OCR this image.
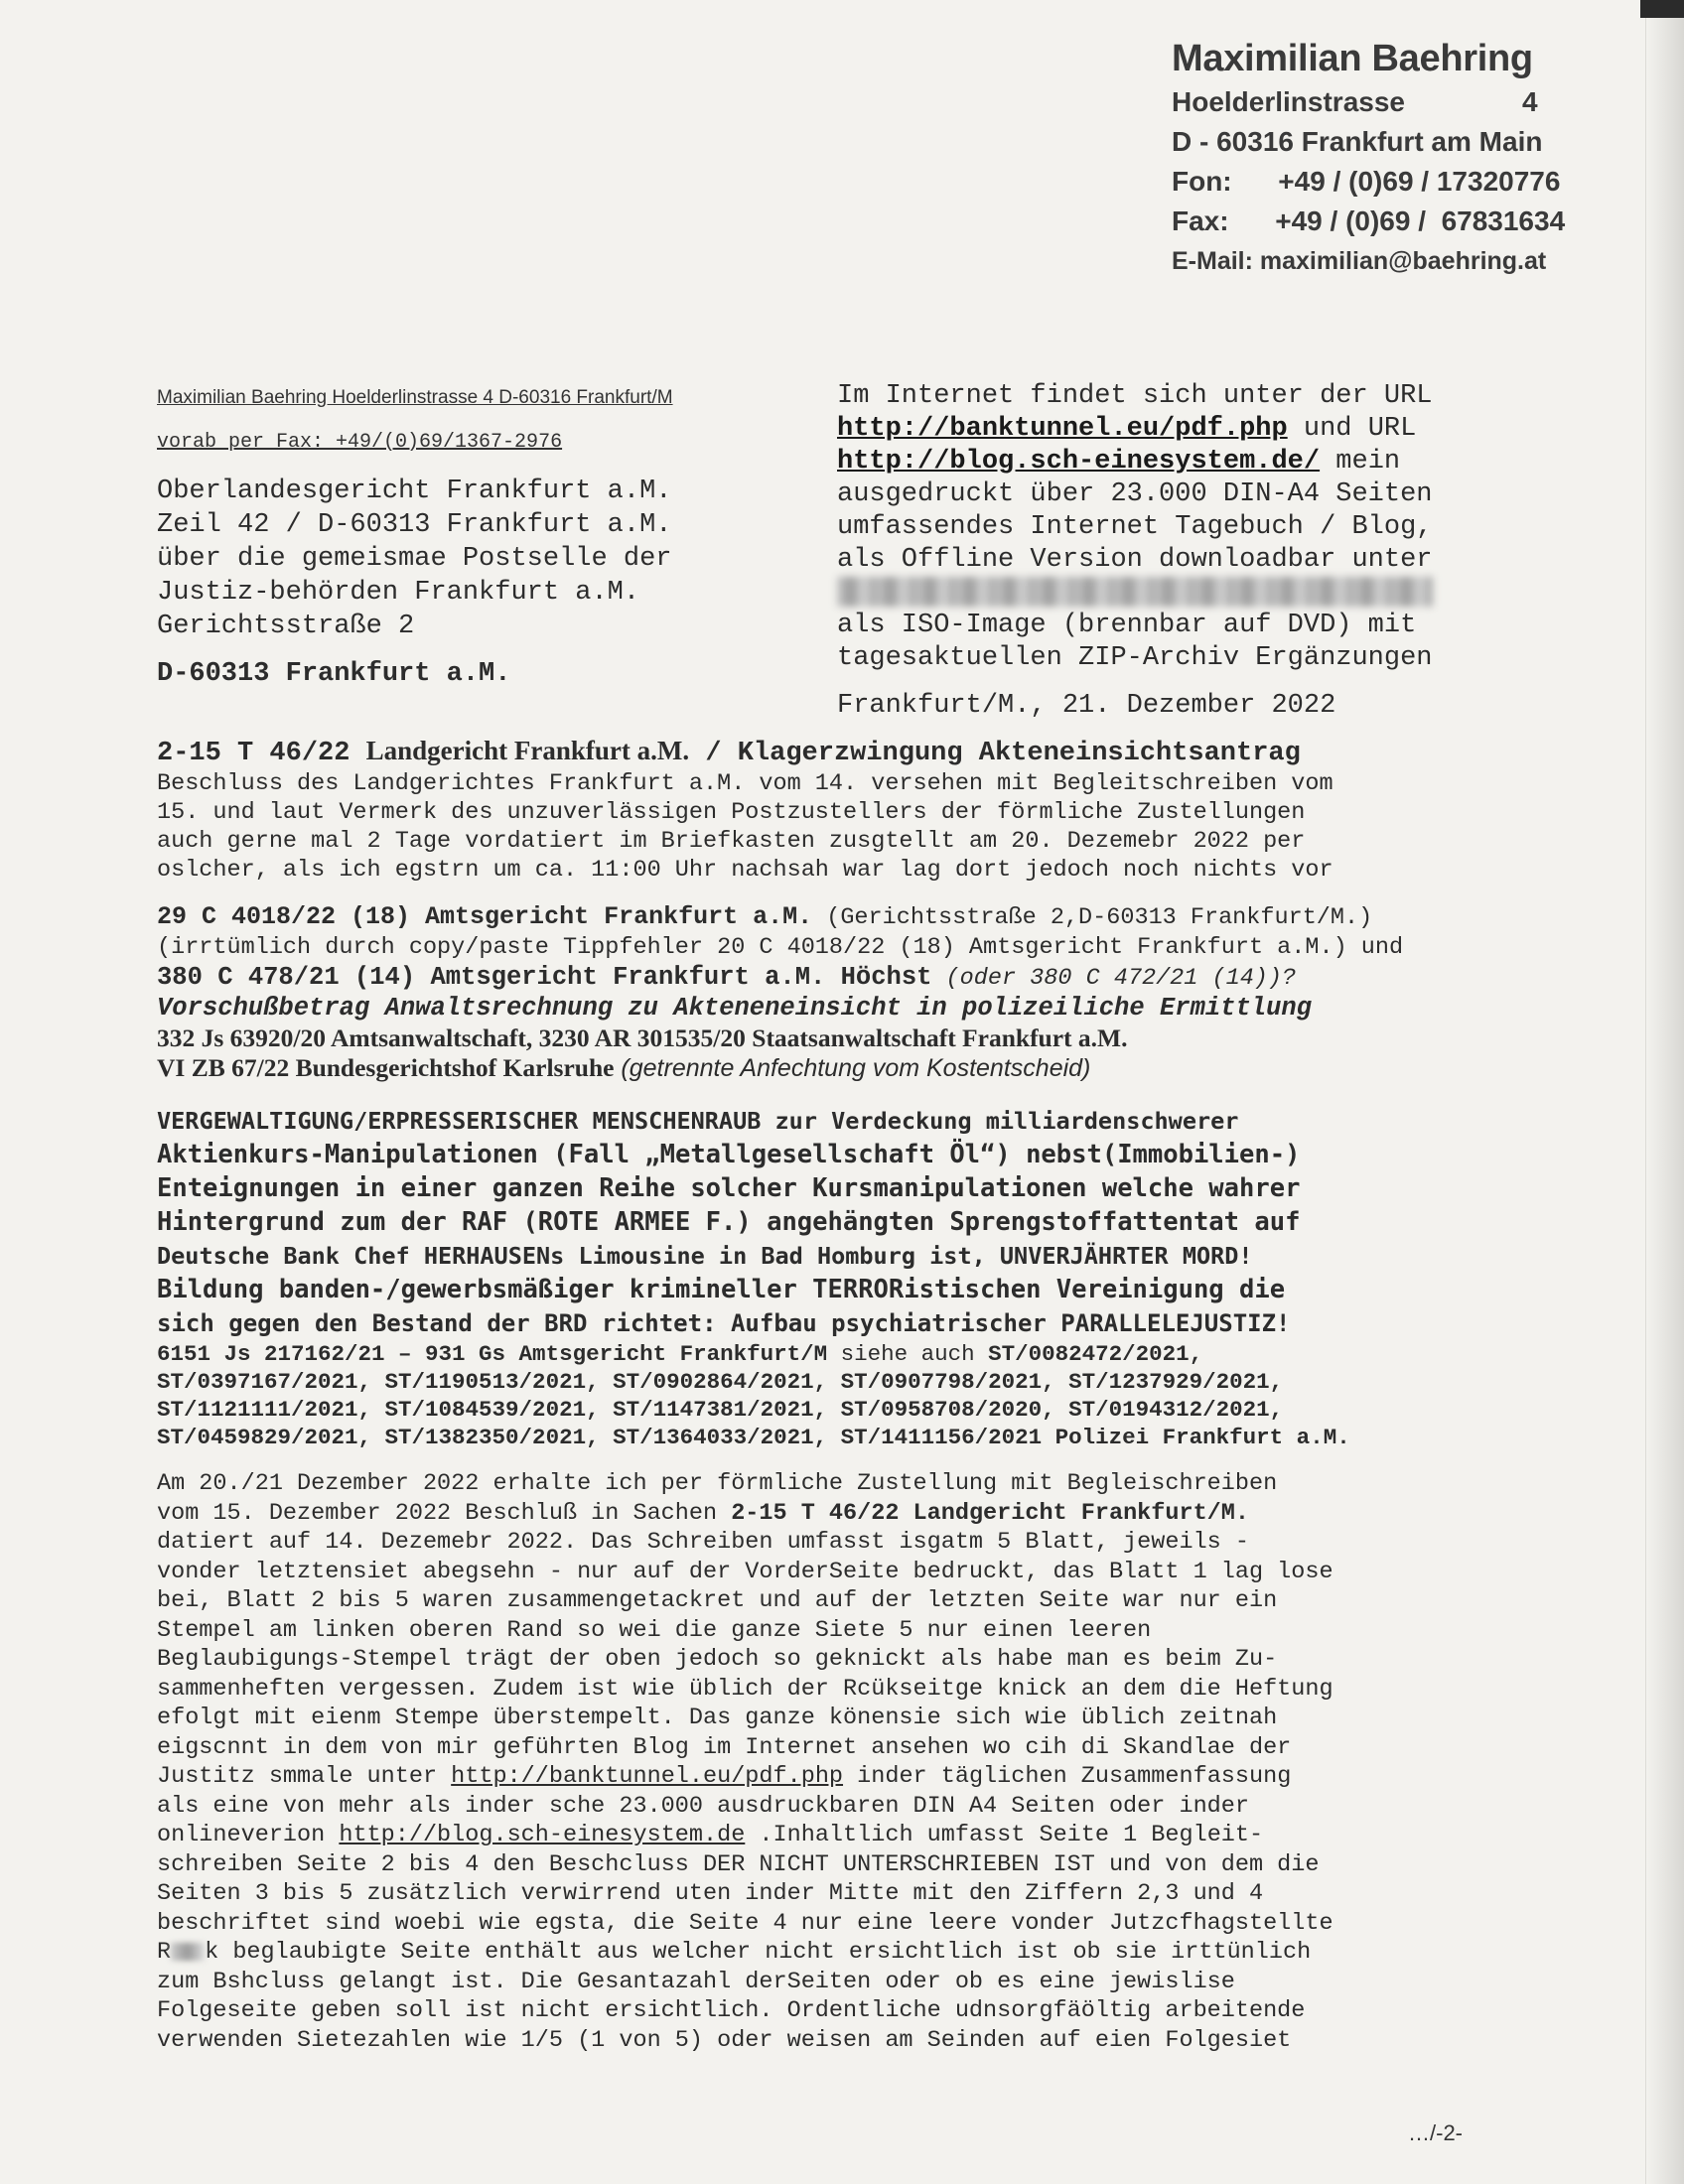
Maximilian Baehring
Hoelderlinstrasse	4
D - 60316 Frankfurt am Main
Fon:      +49 / (0)69 / 17320776
Fax:      +49 / (0)69 /  67831634
E-Mail: maximilian@baehring.at
Maximilian Baehring Hoelderlinstrasse 4 D-60316 Frankfurt/M
vorab per Fax: +49/(0)69/1367-2976
Oberlandesgericht Frankfurt a.M.
Zeil 42 / D-60313 Frankfurt a.M.
über die gemeismae Postselle der
Justiz-behörden Frankfurt a.M.
Gerichtsstraße 2
D-60313 Frankfurt a.M.
Im Internet findet sich unter der URL
http://banktunnel.eu/pdf.php und URL
http://blog.sch-einesystem.de/ mein
ausgedruckt über 23.000 DIN-A4 Seiten
umfassendes Internet Tagebuch / Blog,
als Offline Version downloadbar unter
als ISO-Image (brennbar auf DVD) mit
tagesaktuellen ZIP-Archiv Ergänzungen
Frankfurt/M., 21. Dezember 2022
2-15 T 46/22 Landgericht Frankfurt a.M. / Klagerzwingung Akteneinsichtsantrag
Beschluss des Landgerichtes Frankfurt a.M. vom 14. versehen mit Begleitschreiben vom
15. und laut Vermerk des unzuverlässigen Postzustellers der förmliche Zustellungen
auch gerne mal 2 Tage vordatiert im Briefkasten zusgtellt am 20. Dezemebr 2022 per
oslcher, als ich egstrn um ca. 11:00 Uhr nachsah war lag dort jedoch noch nichts vor
29 C 4018/22 (18) Amtsgericht Frankfurt a.M. (Gerichtsstraße 2,D-60313 Frankfurt/M.)
(irrtümlich durch copy/paste Tippfehler 20 C 4018/22 (18) Amtsgericht Frankfurt a.M.) und
380 C 478/21 (14) Amtsgericht Frankfurt a.M. Höchst (oder 380 C 472/21 (14))?
Vorschußbetrag Anwaltsrechnung zu Akteneneinsicht in polizeiliche Ermittlung
332 Js 63920/20 Amtsanwaltschaft, 3230 AR 301535/20 Staatsanwaltschaft Frankfurt a.M.
VI ZB 67/22 Bundesgerichtshof Karlsruhe (getrennte Anfechtung vom Kostentscheid)
VERGEWALTIGUNG/ERPRESSERISCHER MENSCHENRAUB zur Verdeckung milliardenschwerer
Aktienkurs-Manipulationen (Fall „Metallgesellschaft Öl“) nebst(Immobilien-)
Enteignungen in einer ganzen Reihe solcher Kursmanipulationen welche wahrer
Hintergrund zum der RAF (ROTE ARMEE F.) angehängten Sprengstoffattentat auf
Deutsche Bank Chef HERHAUSENs Limousine in Bad Homburg ist, UNVERJÄHRTER MORD!
Bildung banden-/gewerbsmäßiger krimineller TERRORistischen Vereinigung die
sich gegen den Bestand der BRD richtet: Aufbau psychiatrischer PARALLELEJUSTIZ!
6151 Js 217162/21 – 931 Gs Amtsgericht Frankfurt/M siehe auch ST/0082472/2021,
ST/0397167/2021, ST/1190513/2021, ST/0902864/2021, ST/0907798/2021, ST/1237929/2021,
ST/1121111/2021, ST/1084539/2021, ST/1147381/2021, ST/0958708/2020, ST/0194312/2021,
ST/0459829/2021, ST/1382350/2021, ST/1364033/2021, ST/1411156/2021 Polizei Frankfurt a.M.
Am 20./21 Dezember 2022 erhalte ich per förmliche Zustellung mit Begleischreiben
vom 15. Dezember 2022 Beschluß in Sachen 2-15 T 46/22 Landgericht Frankfurt/M.
datiert auf 14. Dezemebr 2022. Das Schreiben umfasst isgatm 5 Blatt, jeweils -
vonder letztensiet abegsehn - nur auf der VorderSeite bedruckt, das Blatt 1 lag lose
bei, Blatt 2 bis 5 waren zusammengetackret und auf der letzten Seite war nur ein
Stempel am linken oberen Rand so wei die ganze Siete 5 nur einen leeren
Beglaubigungs-Stempel trägt der oben jedoch so geknickt als habe man es beim Zu-
sammenheften vergessen. Zudem ist wie üblich der Rcükseitge knick an dem die Heftung
efolgt mit eienm Stempe überstempelt. Das ganze könensie sich wie üblich zeitnah
eigscnnt in dem von mir geführten Blog im Internet ansehen wo cih di Skandlae der
Justitz smmale unter http://banktunnel.eu/pdf.php inder täglichen Zusammenfassung
als eine von mehr als inder sche 23.000 ausdruckbaren DIN A4 Seiten oder inder
onlineverion http://blog.sch-einesystem.de .Inhaltlich umfasst Seite 1 Begleit-
schreiben Seite 2 bis 4 den Beschcluss DER NICHT UNTERSCHRIEBEN IST und von dem die
Seiten 3 bis 5 zusätzlich verwirrend uten inder Mitte mit den Ziffern 2,3 und 4
beschriftet sind woebi wie egsta, die Seite 4 nur eine leere vonder Jutzcfhagstellte
R k beglaubigte Seite enthält aus welcher nicht ersichtlich ist ob sie irttünlich
zum Bshcluss gelangt ist. Die Gesantazahl derSeiten oder ob es eine jewislise
Folgeseite geben soll ist nicht ersichtlich. Ordentliche udnsorgfäöltig arbeitende
verwenden Sietezahlen wie 1/5 (1 von 5) oder weisen am Seinden auf eien Folgesiet
…/-2-
